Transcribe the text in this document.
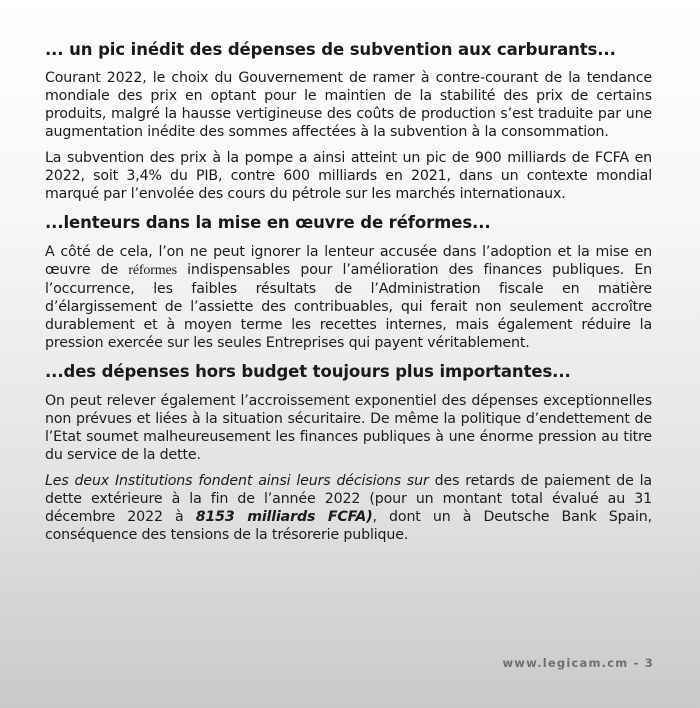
... un pic inédit des dépenses de subvention aux carburants...

Courant 2022, le choix du Gouvernement de ramer à contre-courant de la tendance mondiale des prix en optant pour le maintien de la stabilité des prix de certains produits, malgré la hausse vertigineuse des coûts de production s’est traduite par une augmentation inédite des sommes affectées à la subvention à la consommation.

La subvention des prix à la pompe a ainsi atteint un pic de 900 milliards de FCFA en 2022, soit 3,4% du PIB, contre 600 milliards en 2021, dans un contexte mondial marqué par l’envolée des cours du pétrole sur les marchés internationaux.

...lenteurs dans la mise en œuvre de réformes...

A côté de cela, l’on ne peut ignorer la lenteur accusée dans l’adoption et la mise en œuvre de réformes indispensables pour l’amélioration des finances publiques. En l’occurrence, les faibles résultats de l’Administration fiscale en matière d’élargissement de l’assiette des contribuables, qui ferait non seulement accroître durablement et à moyen terme les recettes internes, mais également réduire la pression exercée sur les seules Entreprises qui payent véritablement.

...des dépenses hors budget toujours plus importantes...

On peut relever également l’accroissement exponentiel des dépenses exceptionnelles non prévues et liées à la situation sécuritaire. De même la politique d’endettement de l’Etat soumet malheureusement les finances publiques à une énorme pression au titre du service de la dette.

Les deux Institutions fondent ainsi leurs décisions sur des retards de paiement de la dette extérieure à la fin de l’année 2022 (pour un montant total évalué au 31 décembre 2022 à 8153 milliards FCFA), dont un à Deutsche Bank Spain, conséquence des tensions de la trésorerie publique.

www.legicam.cm - 3
